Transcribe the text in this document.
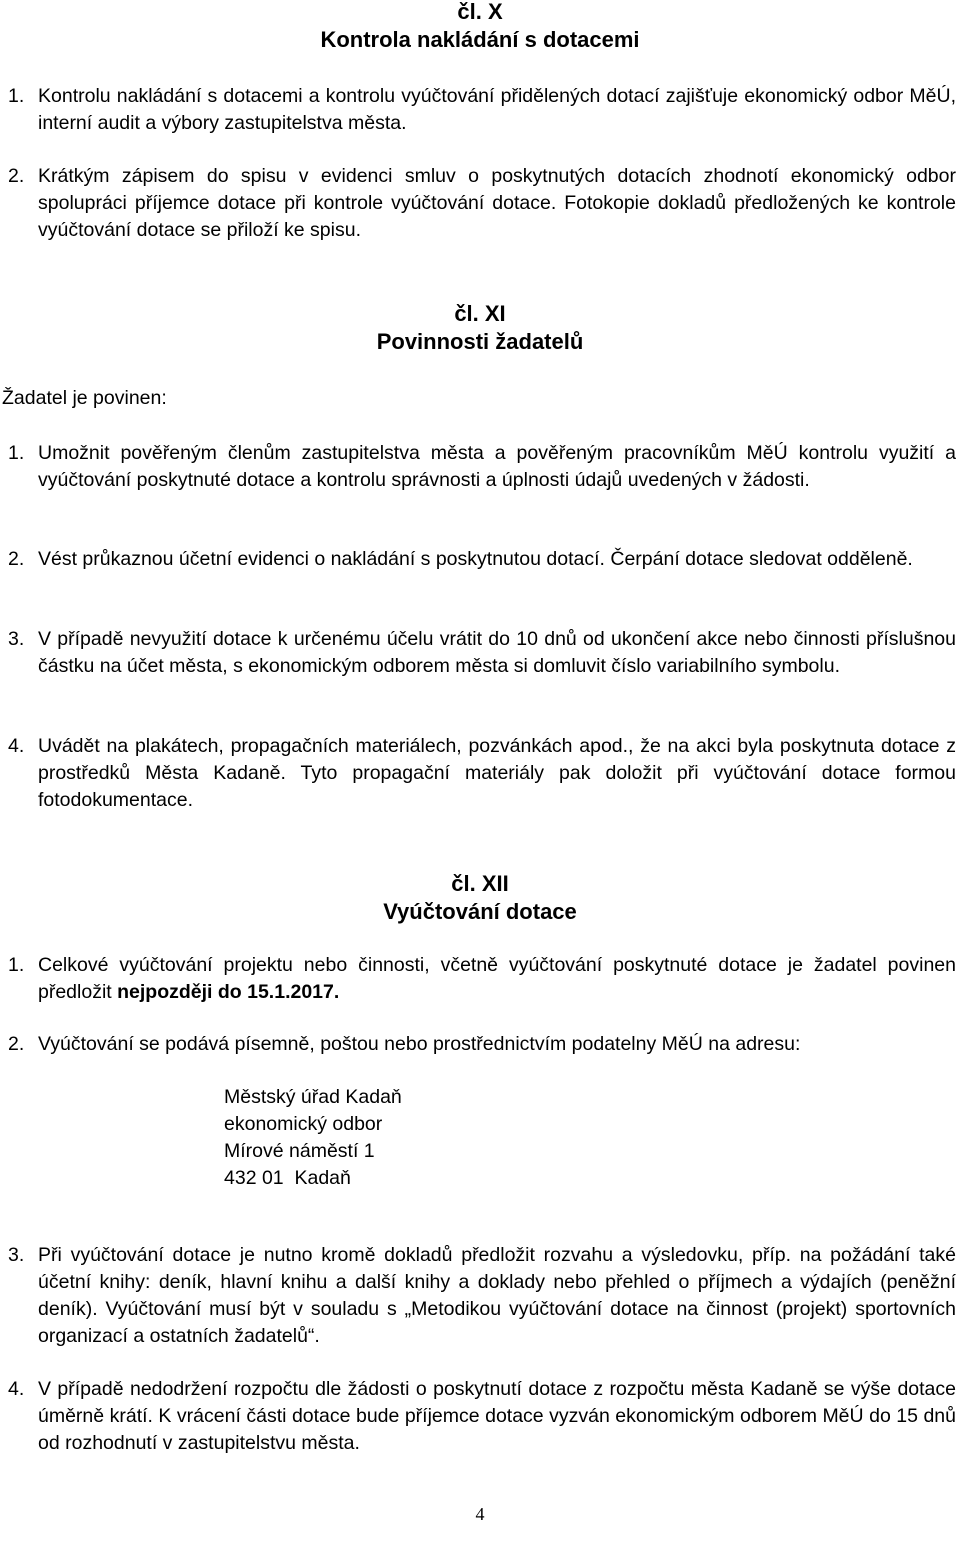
čl. X
Kontrola nakládání s dotacemi
1. Kontrolu nakládání s dotacemi a kontrolu vyúčtování přidělených dotací zajišťuje ekonomický odbor MěÚ, interní audit a výbory zastupitelstva města.
2. Krátkým zápisem do spisu v evidenci smluv o poskytnutých dotacích zhodnotí ekonomický odbor spolupráci příjemce dotace při kontrole vyúčtování dotace. Fotokopie dokladů předložených ke kontrole vyúčtování dotace se přiloží ke spisu.
čl. XI
Povinnosti žadatelů
Žadatel je povinen:
1. Umožnit pověřeným členům zastupitelstva města a pověřeným pracovníkům MěÚ kontrolu využití a vyúčtování poskytnuté dotace a kontrolu správnosti a úplnosti údajů uvedených v žádosti.
2. Vést průkaznou účetní evidenci o nakládání s poskytnutou dotací. Čerpání dotace sledovat odděleně.
3. V případě nevyužití dotace k určenému účelu vrátit do 10 dnů od ukončení akce nebo činnosti příslušnou částku na účet města, s ekonomickým odborem města si domluvit číslo variabilního symbolu.
4. Uvádět na plakátech, propagačních materiálech, pozvánkách apod., že na akci byla poskytnuta dotace z prostředků Města Kadaně. Tyto propagační materiály pak doložit při vyúčtování dotace formou fotodokumentace.
čl. XII
Vyúčtování dotace
1. Celkové vyúčtování projektu nebo činnosti, včetně vyúčtování poskytnuté dotace je žadatel povinen předložit nejpozději do 15.1.2017.
2. Vyúčtování se podává písemně, poštou nebo prostřednictvím podatelny MěÚ na adresu:
Městský úřad Kadaň
ekonomický odbor
Mírové náměstí 1
432 01  Kadaň
3. Při vyúčtování dotace je nutno kromě dokladů předložit rozvahu a výsledovku, příp. na požádání také účetní knihy: deník, hlavní knihu a další knihy a doklady nebo přehled o příjmech a výdajích (peněžní deník). Vyúčtování musí být v souladu s „Metodikou vyúčtování dotace na činnost (projekt) sportovních organizací a ostatních žadatelů“.
4. V případě nedodržení rozpočtu dle žádosti o poskytnutí dotace z rozpočtu města Kadaně se výše dotace úměrně krátí. K vrácení části dotace bude příjemce dotace vyzván ekonomickým odborem MěÚ do 15 dnů od rozhodnutí v zastupitelstvu města.
4
